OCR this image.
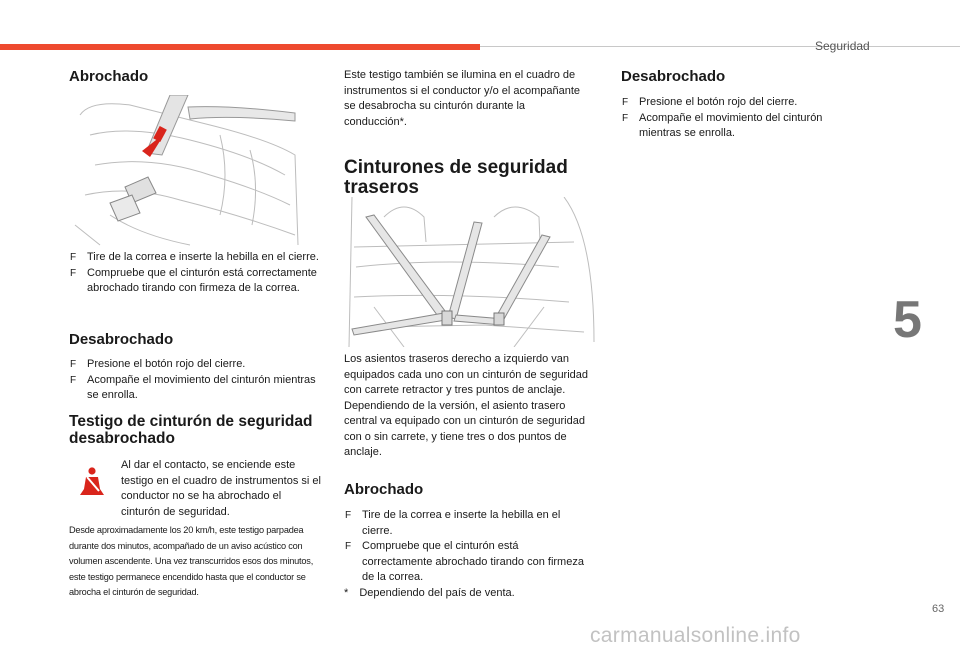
Seguridad
5
63
carmanualsonline.info
Abrochado
F Tire de la correa e inserte la hebilla en el cierre.
F Compruebe que el cinturón está correctamente abrochado tirando con firmeza de la correa.
Desabrochado
F Presione el botón rojo del cierre.
F Acompañe el movimiento del cinturón mientras se enrolla.
Testigo de cinturón de seguridad desabrochado

Al dar el contacto, se enciende este testigo en el cuadro de instrumentos si el conductor no se ha abrochado el cinturón de seguridad.

Desde aproximadamente los 20 km/h, este testigo parpadea durante dos minutos, acompañado de un aviso acústico con volumen ascendente. Una vez transcurridos esos dos minutos, este testigo permanece encendido hasta que el conductor se abrocha el cinturón de seguridad.

Este testigo también se ilumina en el cuadro de instrumentos si el conductor y/o el acompañante se desabrocha su cinturón durante la conducción*.

Cinturones de seguridad traseros

Los asientos traseros derecho a izquierdo van equipados cada uno con un cinturón de seguridad con carrete retractor y tres puntos de anclaje.

Dependiendo de la versión, el asiento trasero central va equipado con un cinturón de seguridad con o sin carrete, y tiene tres o dos puntos de anclaje.

Abrochado
F Tire de la correa e inserte la hebilla en el cierre.
F Compruebe que el cinturón está correctamente abrochado tirando con firmeza de la correa.
* Dependiendo del país de venta.
Desabrochado
F Presione el botón rojo del cierre.
F Acompañe el movimiento del cinturón mientras se enrolla.
